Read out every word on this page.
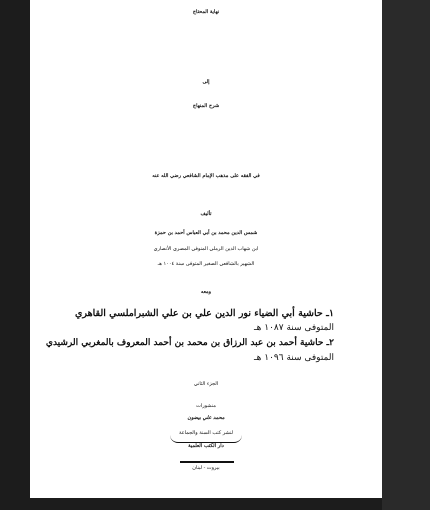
نهاية المحتاج
إلى
شرح المنهاج
في الفقه على مذهب الإمام الشافعي رضي الله عنه
تأليف
شمس الدين محمد بن أبي العباس أحمد بن حمزة
ابن شهاب الدين الرملي المنوفي المصري الأنصاري
الشهير بالشافعي الصغير المتوفى سنة ١٠٠٤ هـ
ومعه
١ـ حاشية أبي الضياء نور الدين علي بن علي الشبراملسي القاهري
المتوفى سنة ١٠٨٧ هـ
٢ـ حاشية أحمد بن عبد الرزاق بن محمد بن أحمد المعروف بالمغربي الرشيدي
المتوفى سنة ١٠٩٦ هـ
الجزء الثاني
منشورات
محمد علي بيضون
لنشر كتب السنة والجماعة
دار الكتب العلمية
بيروت - لبنان
